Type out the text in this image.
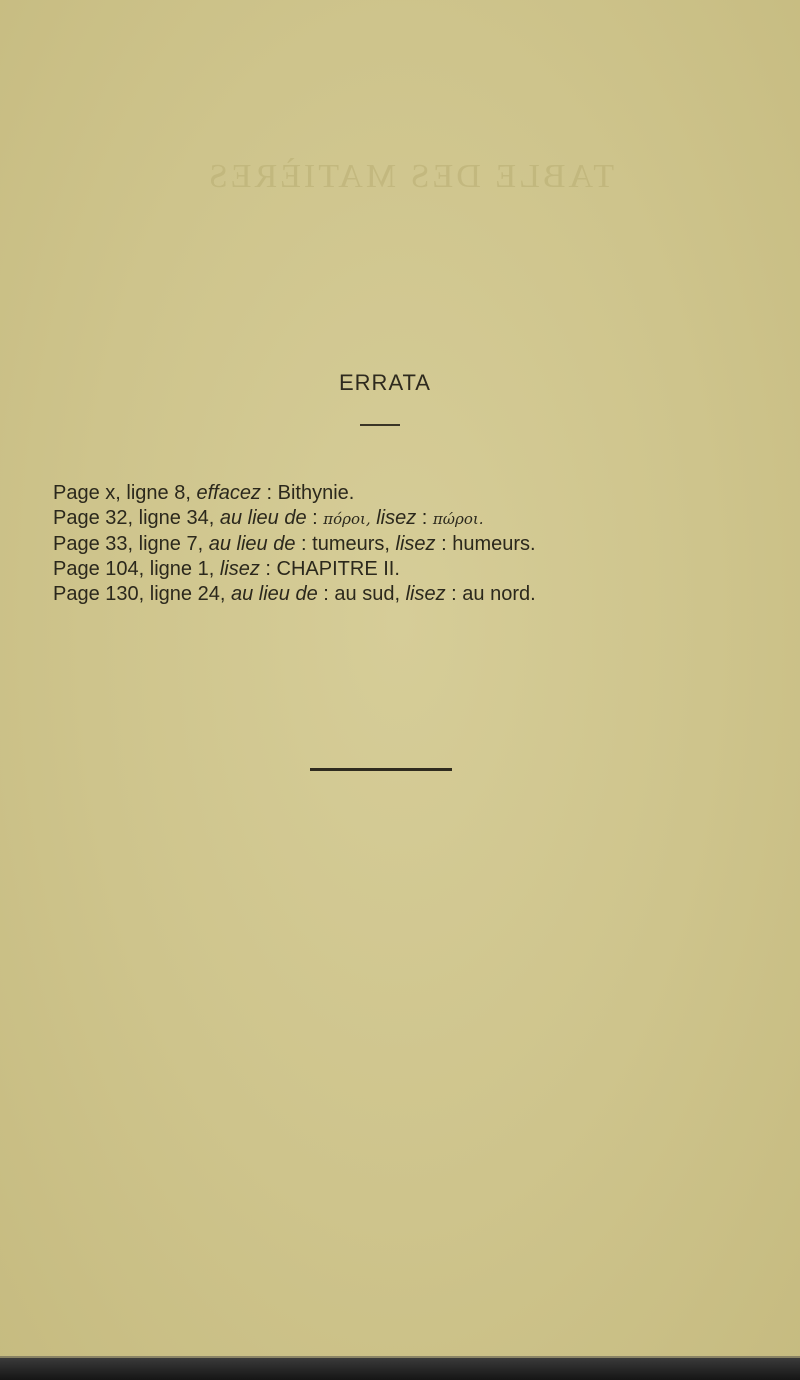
TABLE DES MATIÈRES
ERRATA
Page x, ligne 8, effacez : Bithynie.
Page 32, ligne 34, au lieu de : πόροι, lisez : πώροι.
Page 33, ligne 7, au lieu de : tumeurs, lisez : humeurs.
Page 104, ligne 1, lisez : CHAPITRE II.
Page 130, ligne 24, au lieu de : au sud, lisez : au nord.
